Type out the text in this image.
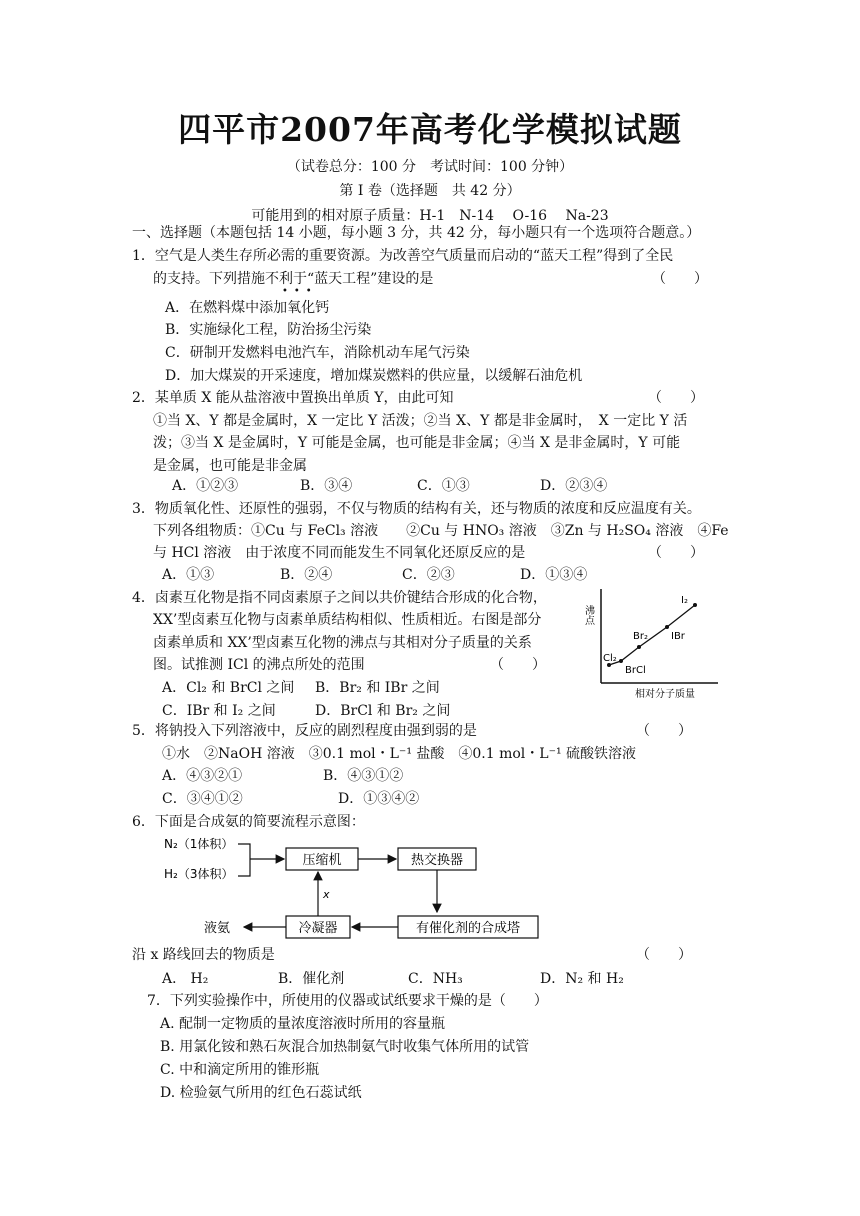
四平市2007年高考化学模拟试题
（试卷总分：100 分　考试时间：100 分钟）
第 I 卷（选择题　共 42 分）
可能用到的相对原子质量：H-1　N-14　 O-16　 Na-23
一、选择题（本题包括 14 小题，每小题 3 分，共 42 分，每小题只有一个选项符合题意。）
1．空气是人类生存所必需的重要资源。为改善空气质量而启动的“蓝天工程”得到了全民
的支持。下列措施不利于“蓝天工程”建设的是
•••
（　　）
A．在燃料煤中添加氧化钙
B．实施绿化工程，防治扬尘污染
C．研制开发燃料电池汽车，消除机动车尾气污染
D．加大煤炭的开采速度，增加煤炭燃料的供应量，以缓解石油危机
2．某单质 X 能从盐溶液中置换出单质 Y，由此可知	（　　）
①当 X、Y 都是金属时，X 一定比 Y 活泼；②当 X、Y 都是非金属时，　X 一定比 Y 活
泼；③当 X 是金属时，Y 可能是金属，也可能是非金属；④当 X 是非金属时，Y 可能
是金属，也可能是非金属
A．①②③	B．③④	C．①③	D．②③④
3．物质氧化性、还原性的强弱，不仅与物质的结构有关，还与物质的浓度和反应温度有关。
下列各组物质：①Cu 与 FeCl₃ 溶液　　②Cu 与 HNO₃ 溶液　③Zn 与 H₂SO₄ 溶液　④Fe
与 HCl 溶液　由于浓度不同而能发生不同氧化还原反应的是	（　　）
A．①③	B．②④	C．②③	D．①③④
4．卤素互化物是指不同卤素原子之间以共价键结合形成的化合物，
XX’型卤素互化物与卤素单质结构相似、性质相近。右图是部分
卤素单质和 XX’型卤素互化物的沸点与其相对分子质量的关系
图。试推测 ICl 的沸点所处的范围	（　　）
A．Cl₂ 和 BrCl 之间 B．Br₂ 和 IBr 之间
C．IBr 和 I₂ 之间	D．BrCl 和 Br₂ 之间
沸点
相对分子质量
Cl₂
BrCl
Br₂ IBr
I₂
5．将钠投入下列溶液中，反应的剧烈程度由强到弱的是	（　　）
①水　②NaOH 溶液　③0.1 mol・L⁻¹ 盐酸　④0.1 mol・L⁻¹ 硫酸铁溶液
A．④③②①	B．④③①②
C．③④①②	D．①③④②
6．下面是合成氨的简要流程示意图：
N₂（1体积）
H₂（3体积）
压缩机	热交换器
有催化剂的合成塔
冷凝器
x
液氨
沿 x 路线回去的物质是	（　　）
A． H₂	B．催化剂	C．NH₃	D．N₂ 和 H₂
7．下列实验操作中，所使用的仪器或试纸要求干燥的是（　　）
A. 配制一定物质的量浓度溶液时所用的容量瓶
B. 用氯化铵和熟石灰混合加热制氨气时收集气体所用的试管
C. 中和滴定所用的锥形瓶
D. 检验氨气所用的红色石蕊试纸
